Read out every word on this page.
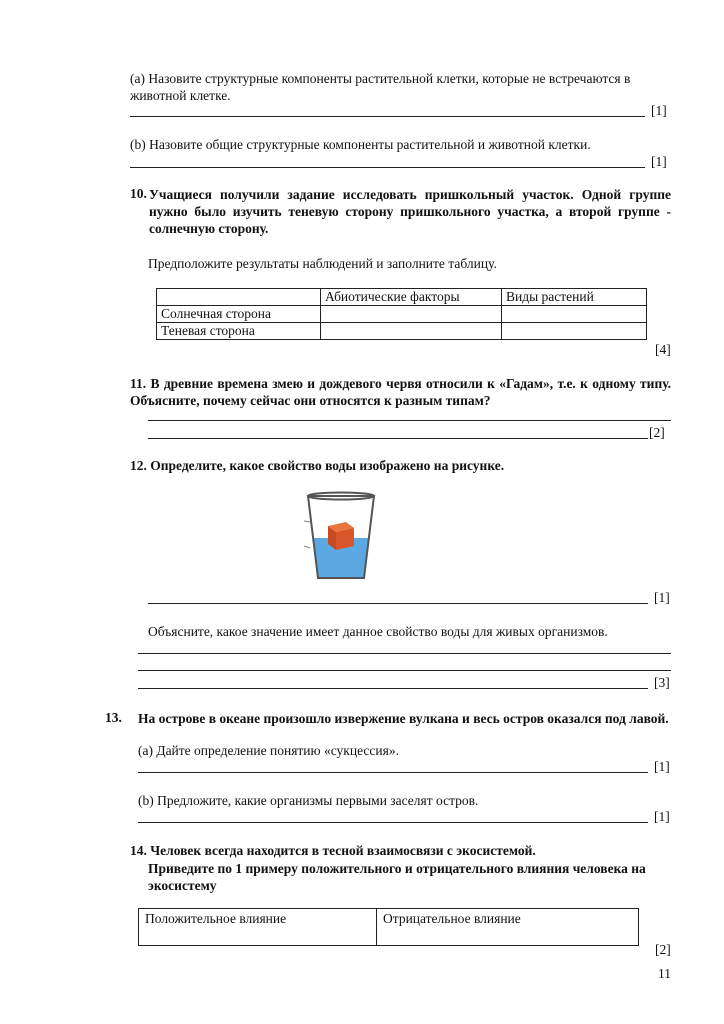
(a) Назовите структурные компоненты растительной клетки, которые не встречаются в животной клетке.
[1]
(b) Назовите общие структурные компоненты растительной и животной клетки.
[1]
10. Учащиеся получили задание исследовать пришкольный участок. Одной группе нужно было изучить теневую сторону пришкольного участка, а второй группе - солнечную сторону.
Предположите результаты наблюдений и заполните таблицу.
	Абиотические факторы	Виды растений
Солнечная сторона		
Теневая сторона		
[4]
11. В древние времена змею и дождевого червя относили к «Гадам», т.е. к одному типу. Объясните, почему сейчас они относятся к разным типам?
[2]
12. Определите, какое свойство воды изображено на рисунке.
[1]
Объясните, какое значение имеет данное свойство воды для живых организмов.
[3]
13. На острове в океане произошло извержение вулкана и весь остров оказался под лавой.
(а) Дайте определение понятию «сукцессия».
[1]
(b) Предложите, какие организмы первыми заселят остров.
[1]
14. Человек всегда находится в тесной взаимосвязи с экосистемой.
Приведите по 1 примеру положительного и отрицательного влияния человека на экосистему
Положительное влияние	Отрицательное влияние
[2]
11
